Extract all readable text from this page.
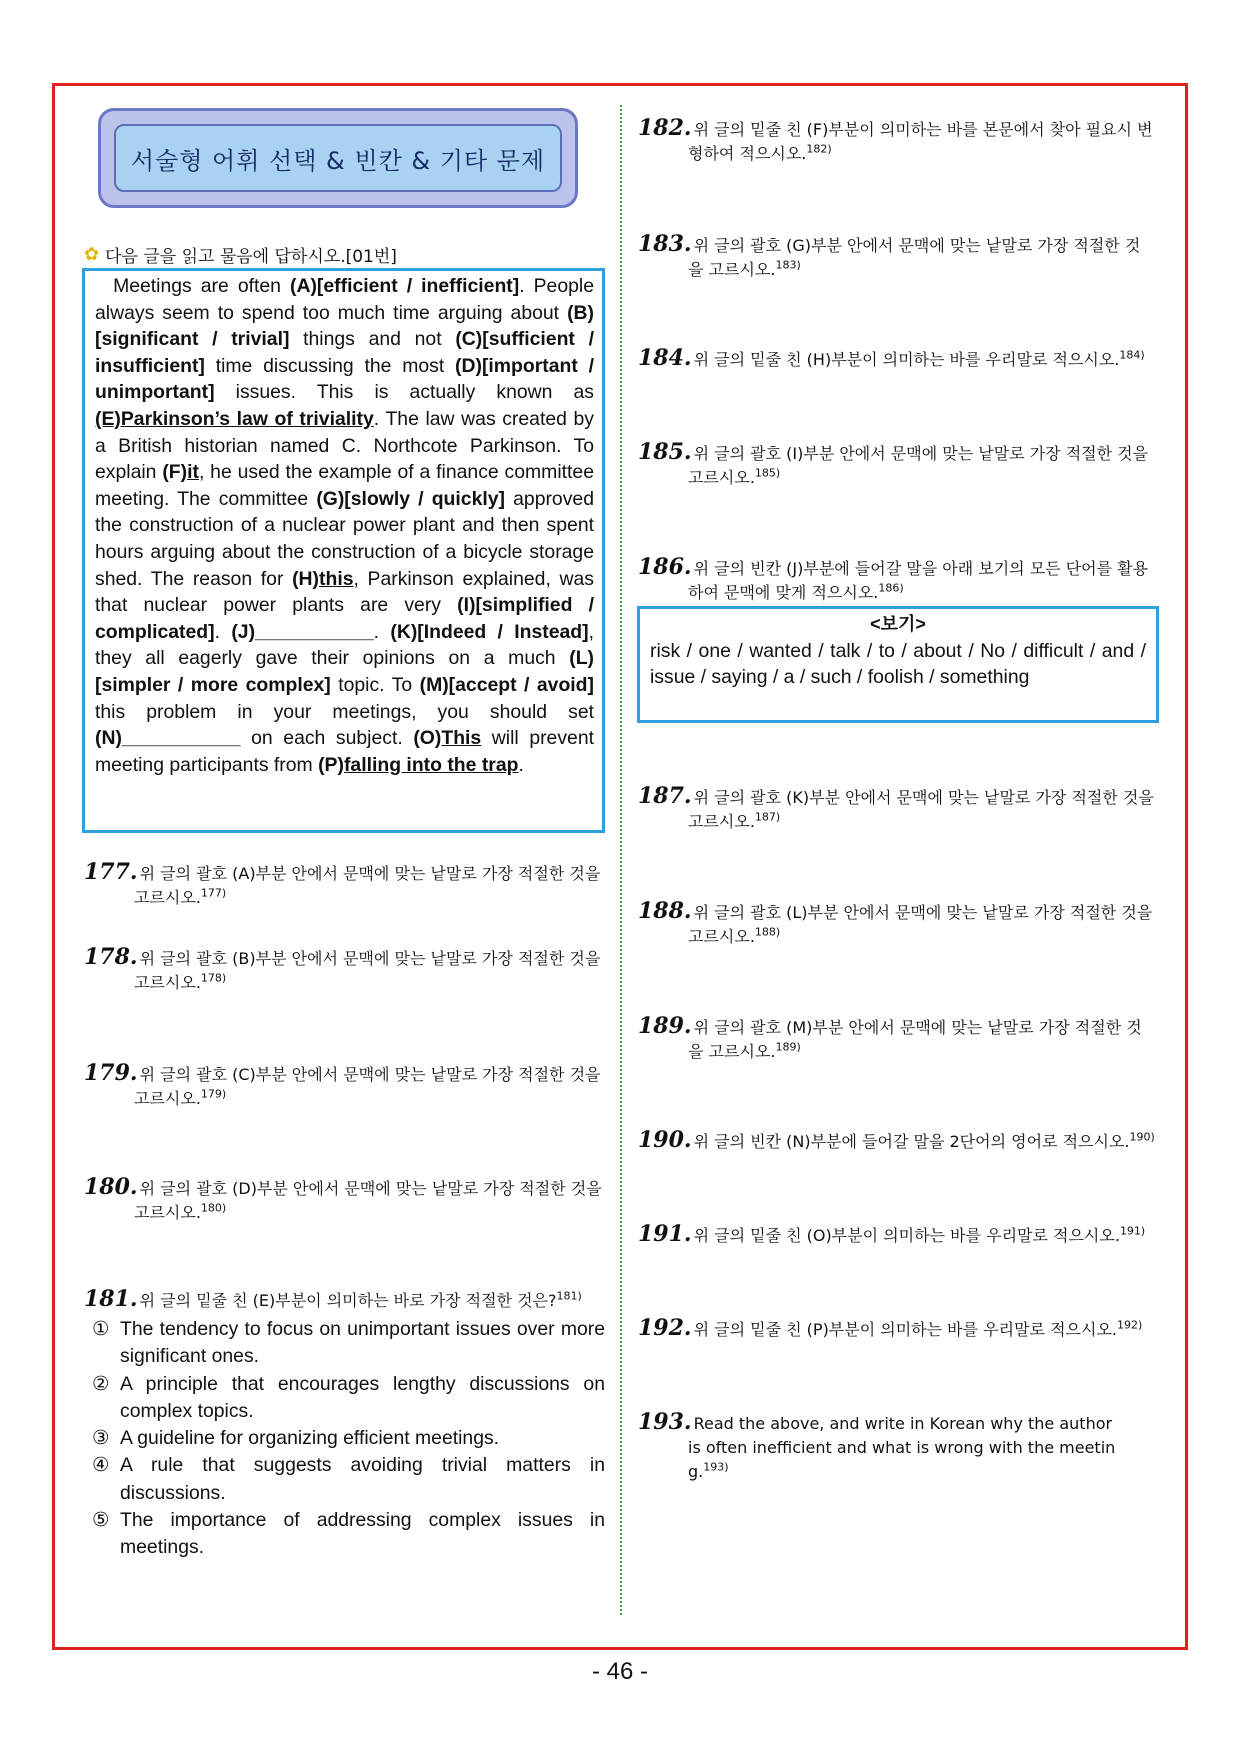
서술형 어휘 선택 & 빈칸 & 기타 문제
✿ 다음 글을 읽고 물음에 답하시오.[01번]
Meetings are often (A)[efficient / inefficient]. People always seem to spend too much time arguing about (B)[significant / trivial] things and not (C)[sufficient / insufficient] time discussing the most (D)[important / unimportant] issues. This is actually known as (E)Parkinson’s law of triviality. The law was created by a British historian named C. Northcote Parkinson. To explain (F)it, he used the example of a finance committee meeting. The committee (G)[slowly / quickly] approved the construction of a nuclear power plant and then spent hours arguing about the construction of a bicycle storage shed. The reason for (H)this, Parkinson explained, was that nuclear power plants are very (I)[simplified / complicated]. (J)___________. (K)[Indeed / Instead], they all eagerly gave their opinions on a much (L)[simpler / more complex] topic. To (M)[accept / avoid] this problem in your meetings, you should set (N)___________ on each subject. (O)This will prevent meeting participants from (P)falling into the trap.
177. 위 글의 괄호 (A)부분 안에서 문맥에 맞는 낱말로 가장 적절한 것을
고르시오.$^{177)}$
178. 위 글의 괄호 (B)부분 안에서 문맥에 맞는 낱말로 가장 적절한 것을
고르시오.$^{178)}$
179. 위 글의 괄호 (C)부분 안에서 문맥에 맞는 낱말로 가장 적절한 것을
고르시오.$^{179)}$
180. 위 글의 괄호 (D)부분 안에서 문맥에 맞는 낱말로 가장 적절한 것을
고르시오.$^{180)}$
181. 위 글의 밑줄 친 (E)부분이 의미하는 바로 가장 적절한 것은?$^{181)}$
① The tendency to focus on unimportant issues over more significant ones.
② A principle that encourages lengthy discussions on complex topics.
③ A guideline for organizing efficient meetings.
④ A rule that suggests avoiding trivial matters in discussions.
⑤ The importance of addressing complex issues in meetings.
182. 위 글의 밑줄 친 (F)부분이 의미하는 바를 본문에서 찾아 필요시 변
형하여 적으시오.$^{182)}$
183. 위 글의 괄호 (G)부분 안에서 문맥에 맞는 낱말로 가장 적절한 것
을 고르시오.$^{183)}$
184. 위 글의 밑줄 친 (H)부분이 의미하는 바를 우리말로 적으시오.$^{184)}$
185. 위 글의 괄호 (I)부분 안에서 문맥에 맞는 낱말로 가장 적절한 것을
고르시오.$^{185)}$
186. 위 글의 빈칸 (J)부분에 들어갈 말을 아래 보기의 모든 단어를 활용
하여 문맥에 맞게 적으시오.$^{186)}$
<보기>
risk / one / wanted / talk / to / about / No / difficult / and / issue / saying / a / such / foolish / something
187. 위 글의 괄호 (K)부분 안에서 문맥에 맞는 낱말로 가장 적절한 것을
고르시오.$^{187)}$
188. 위 글의 괄호 (L)부분 안에서 문맥에 맞는 낱말로 가장 적절한 것을
고르시오.$^{188)}$
189. 위 글의 괄호 (M)부분 안에서 문맥에 맞는 낱말로 가장 적절한 것
을 고르시오.$^{189)}$
190. 위 글의 빈칸 (N)부분에 들어갈 말을 2단어의 영어로 적으시오.$^{190)}$
191. 위 글의 밑줄 친 (O)부분이 의미하는 바를 우리말로 적으시오.$^{191)}$
192. 위 글의 밑줄 친 (P)부분이 의미하는 바를 우리말로 적으시오.$^{192)}$
193. Read the above, and write in Korean why the author
is often inefficient and what is wrong with the meetin
g.$^{193)}$
- 46 -
